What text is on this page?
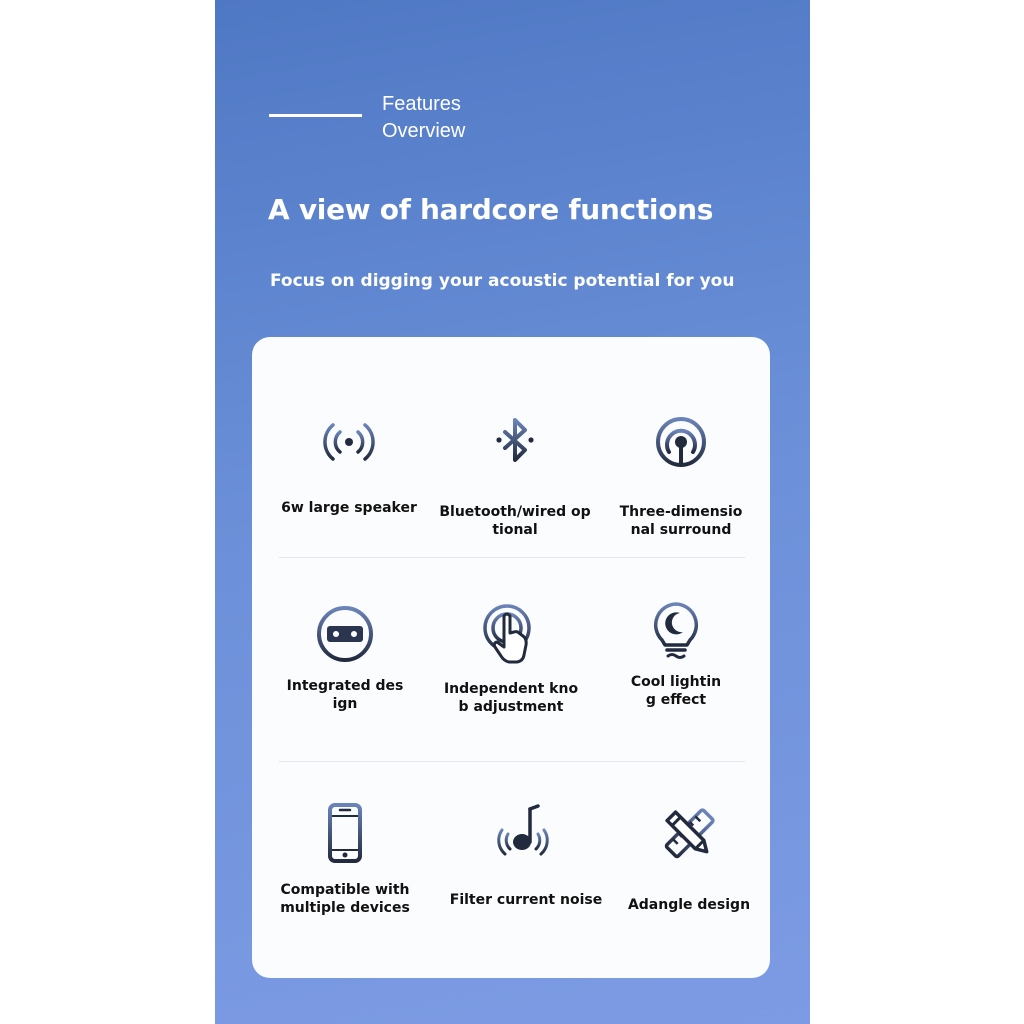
Features
Overview
A view of hardcore functions
Focus on digging your acoustic potential for you
6w large speaker	Bluetooth/wired op
tional
Three-dimensio
nal surround
Integrated des
ign
Independent kno
b adjustment
Cool lightin
g effect
Compatible with
multiple devices	Filter current noise	Adangle design
